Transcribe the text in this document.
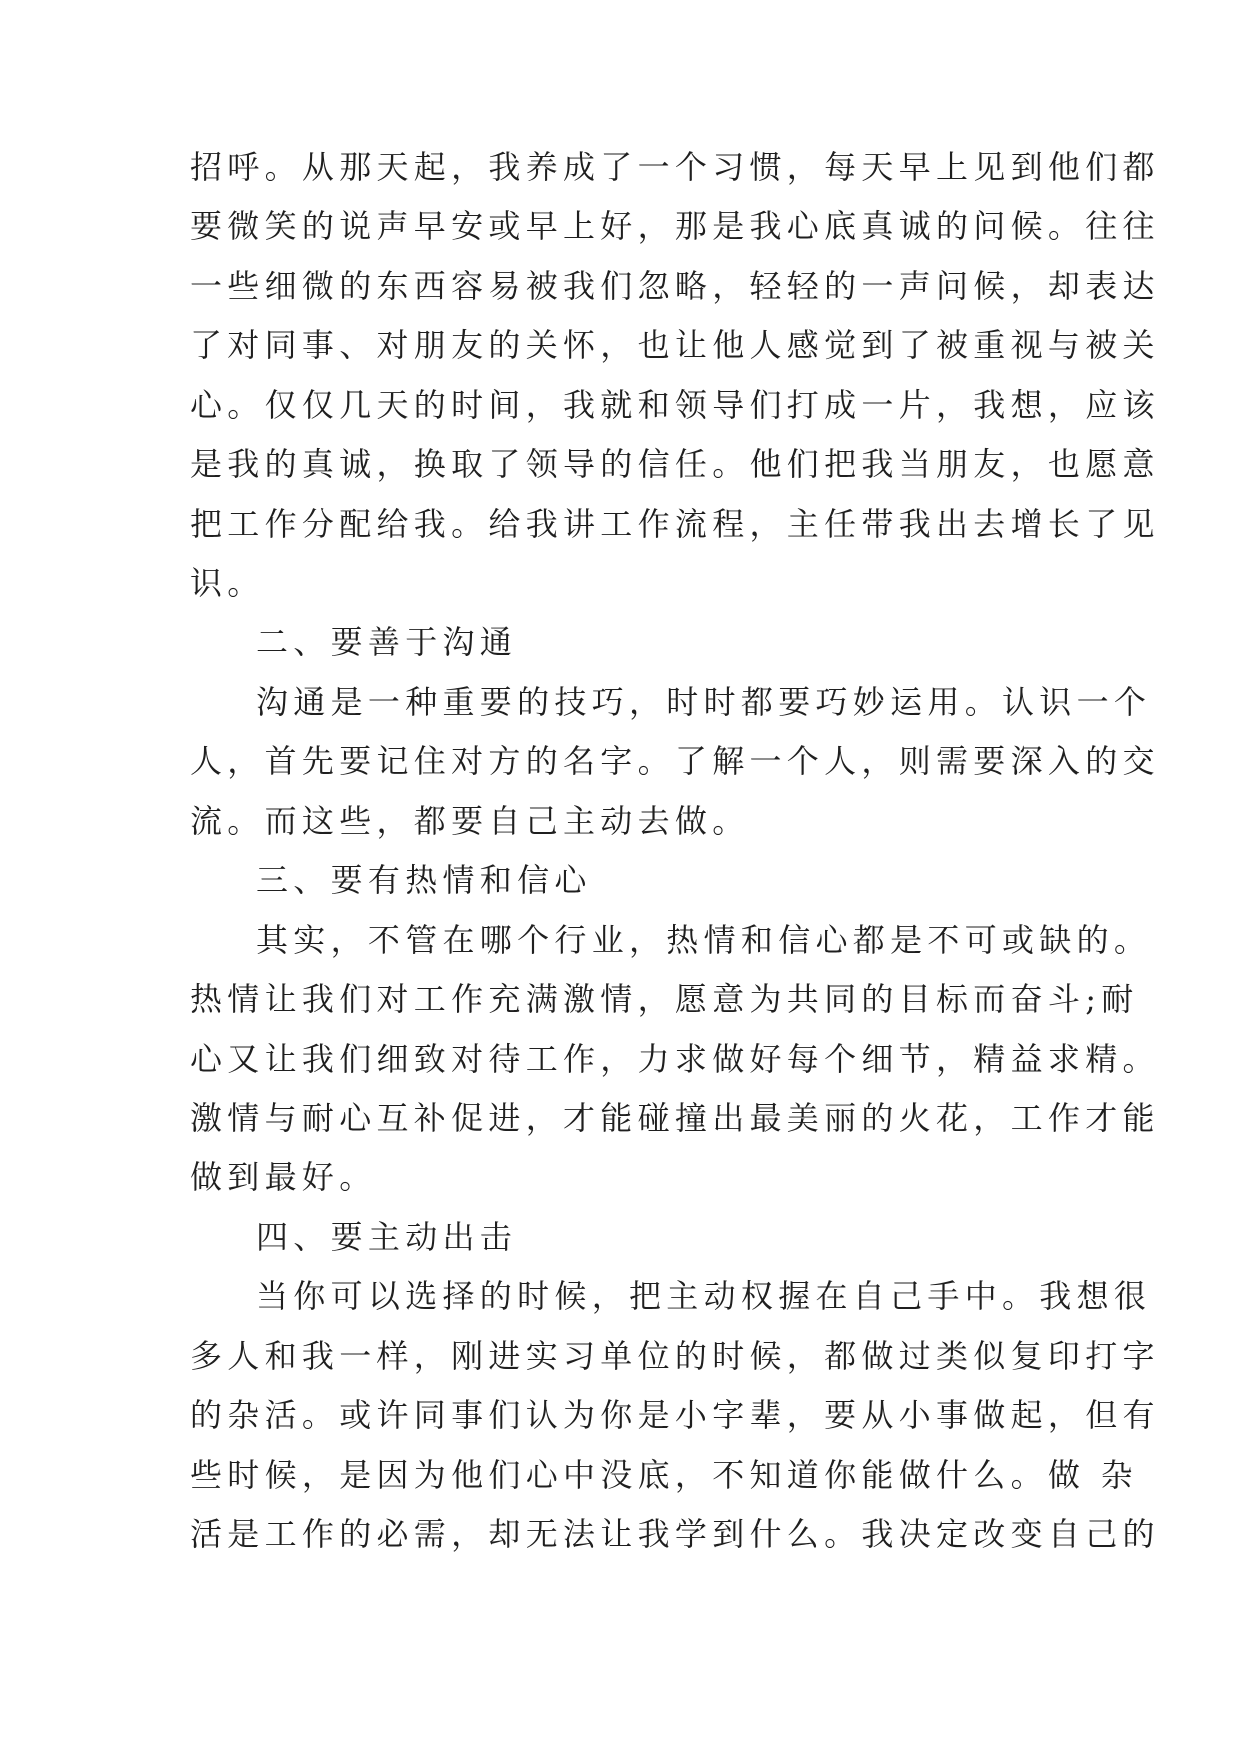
招呼。从那天起，我养成了一个习惯，每天早上见到他们都
要微笑的说声早安或早上好，那是我心底真诚的问候。往往
一些细微的东西容易被我们忽略，轻轻的一声问候，却表达
了对同事、对朋友的关怀，也让他人感觉到了被重视与被关
心。仅仅几天的时间，我就和领导们打成一片，我想，应该
是我的真诚，换取了领导的信任。他们把我当朋友，也愿意
把工作分配给我。给我讲工作流程，主任带我出去增长了见
识。
二、要善于沟通
沟通是一种重要的技巧，时时都要巧妙运用。认识一个
人，首先要记住对方的名字。了解一个人，则需要深入的交
流。而这些，都要自己主动去做。
三、要有热情和信心
其实，不管在哪个行业，热情和信心都是不可或缺的。
热情让我们对工作充满激情，愿意为共同的目标而奋斗;耐
心又让我们细致对待工作，力求做好每个细节，精益求精。
激情与耐心互补促进，才能碰撞出最美丽的火花，工作才能
做到最好。
四、要主动出击
当你可以选择的时候，把主动权握在自己手中。我想很
多人和我一样，刚进实习单位的时候，都做过类似复印打字
的杂活。或许同事们认为你是小字辈，要从小事做起，但有
些时候，是因为他们心中没底，不知道你能做什么。做 杂
活是工作的必需，却无法让我学到什么。我决定改变自己的
